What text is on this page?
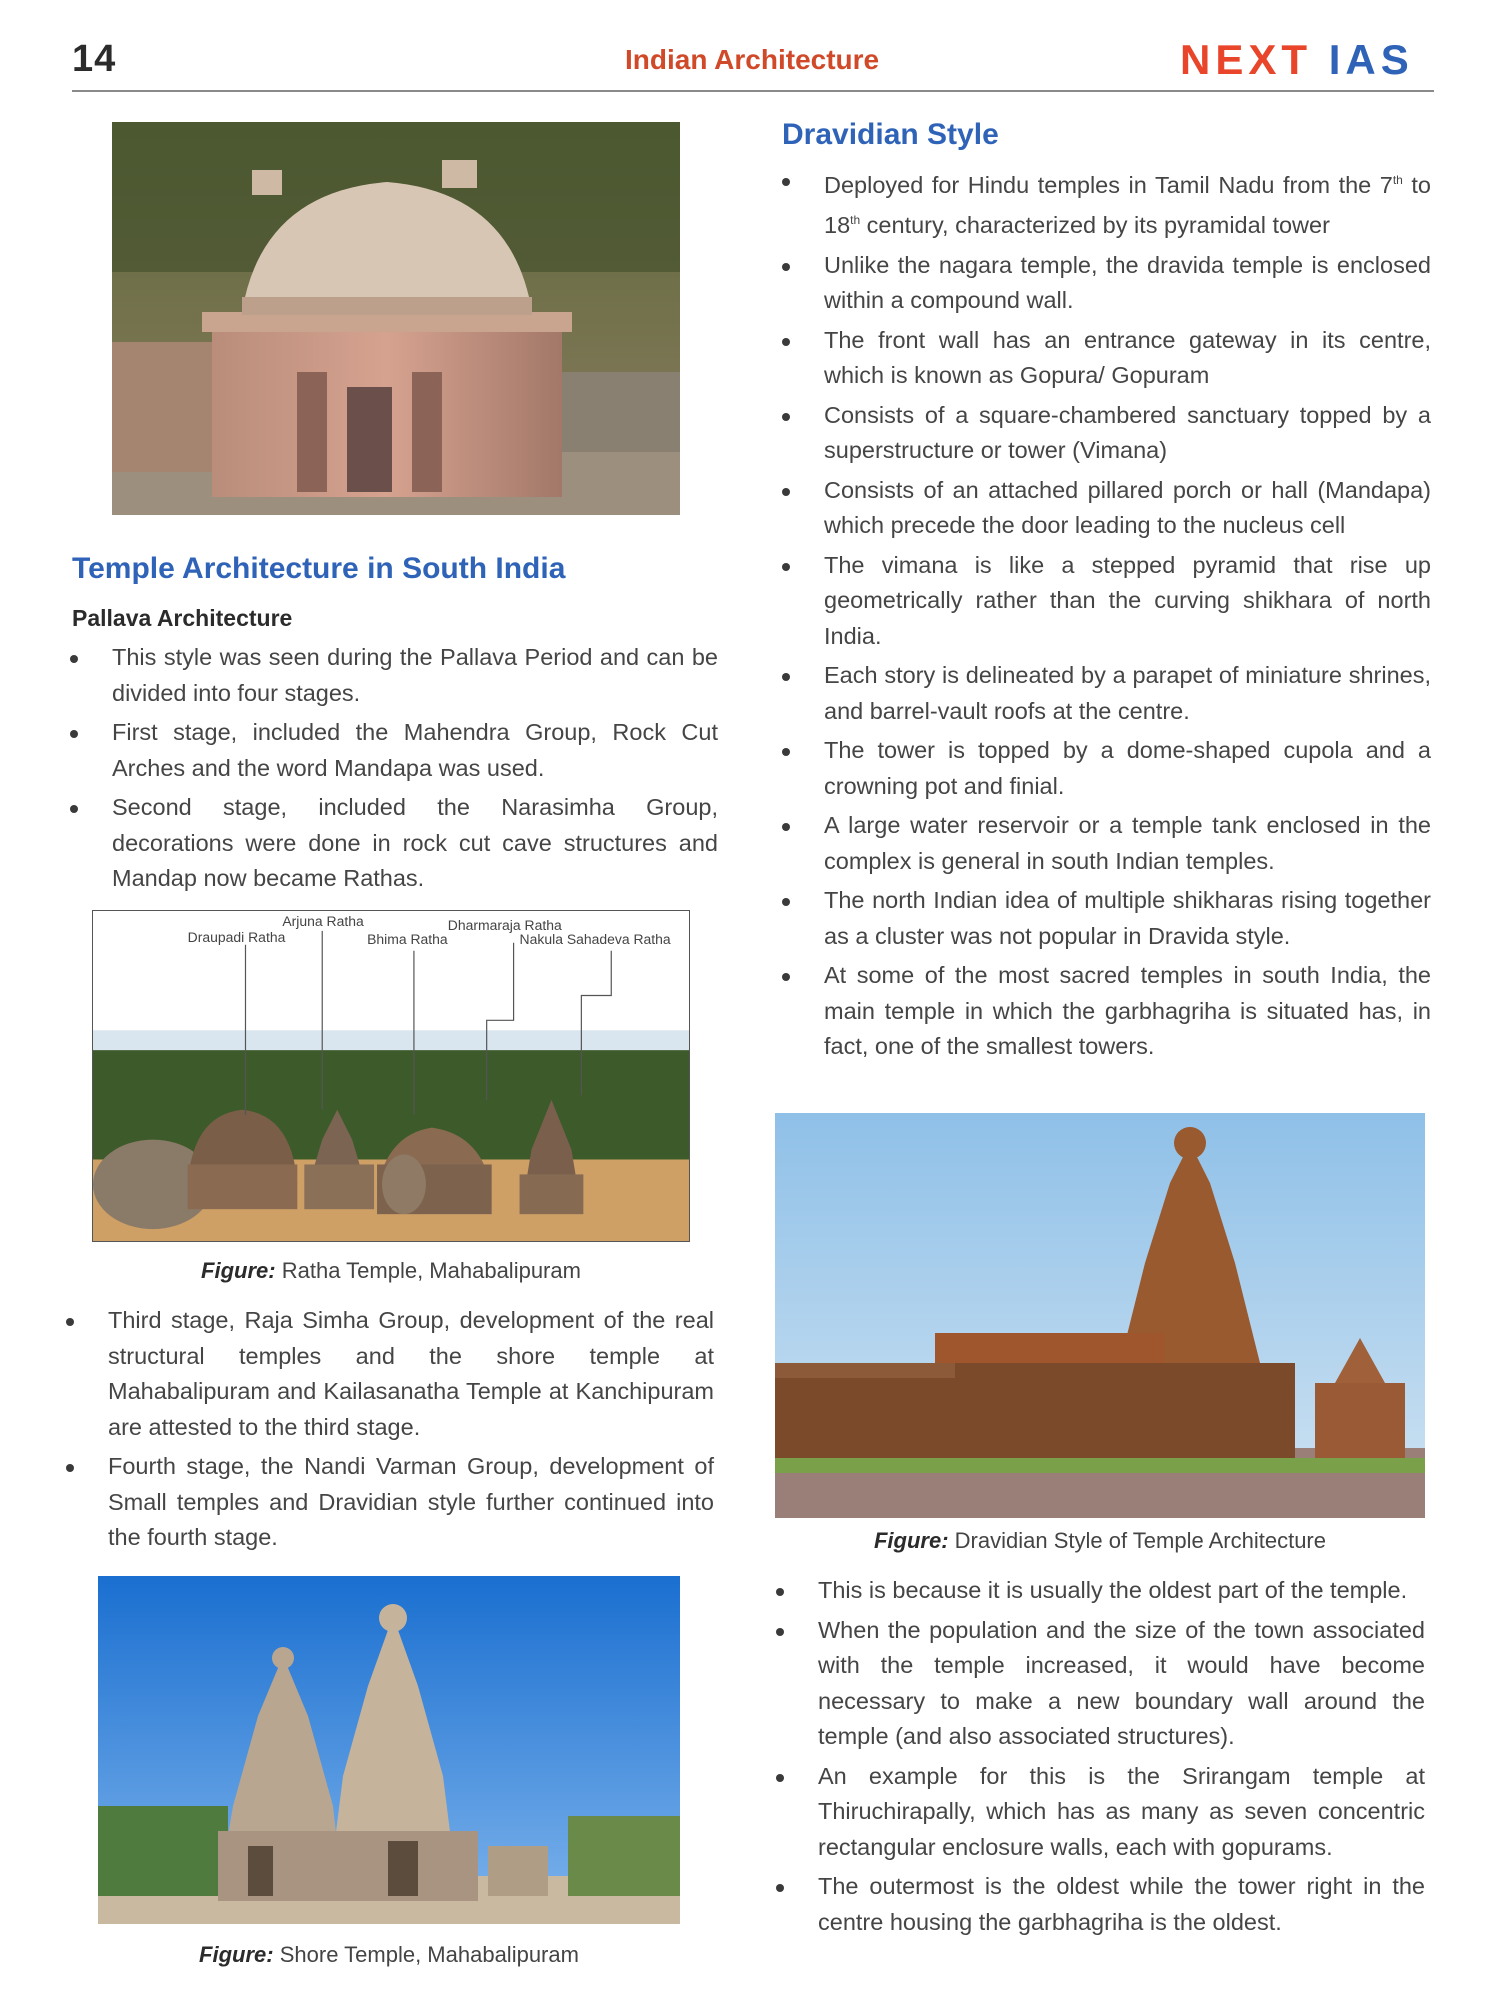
14	Indian Architecture	NEXT IAS
Temple Architecture in South India
Pallava Architecture
This style was seen during the Pallava Period and can be divided into four stages.
First stage, included the Mahendra Group, Rock Cut Arches and the word Mandapa was used.
Second stage, included the Narasimha Group, decorations were done in rock cut cave structures and Mandap now became Rathas.
Draupadi Ratha
Arjuna Ratha
Bhima Ratha
Dharmaraja Ratha
Nakula Sahadeva Ratha
Figure: Ratha Temple, Mahabalipuram
Third stage, Raja Simha Group, development of the real structural temples and the shore temple at Mahabalipuram and Kailasanatha Temple at Kanchipuram are attested to the third stage.
Fourth stage, the Nandi Varman Group, development of Small temples and Dravidian style further continued into the fourth stage.
Figure: Shore Temple, Mahabalipuram
Dravidian Style
Deployed for Hindu temples in Tamil Nadu from the 7th to 18th century, characterized by its pyramidal tower
Unlike the nagara temple, the dravida temple is enclosed within a compound wall.
The front wall has an entrance gateway in its centre, which is known as Gopura/ Gopuram
Consists of a square-chambered sanctuary topped by a superstructure or tower (Vimana)
Consists of an attached pillared porch or hall (Mandapa) which precede the door leading to the nucleus cell
The vimana is like a stepped pyramid that rise up geometrically rather than the curving shikhara of north India.
Each story is delineated by a parapet of miniature shrines, and barrel-vault roofs at the centre.
The tower is topped by a dome-shaped cupola and a crowning pot and finial.
A large water reservoir or a temple tank enclosed in the complex is general in south Indian temples.
The north Indian idea of multiple shikharas rising together as a cluster was not popular in Dravida style.
At some of the most sacred temples in south India, the main temple in which the garbhagriha is situated has, in fact, one of the smallest towers.
Figure: Dravidian Style of Temple Architecture
This is because it is usually the oldest part of the temple.
When the population and the size of the town associated with the temple increased, it would have become necessary to make a new boundary wall around the temple (and also associated structures).
An example for this is the Srirangam temple at Thiruchirapally, which has as many as seven concentric rectangular enclosure walls, each with gopurams.
The outermost is the oldest while the tower right in the centre housing the garbhagriha is the oldest.
